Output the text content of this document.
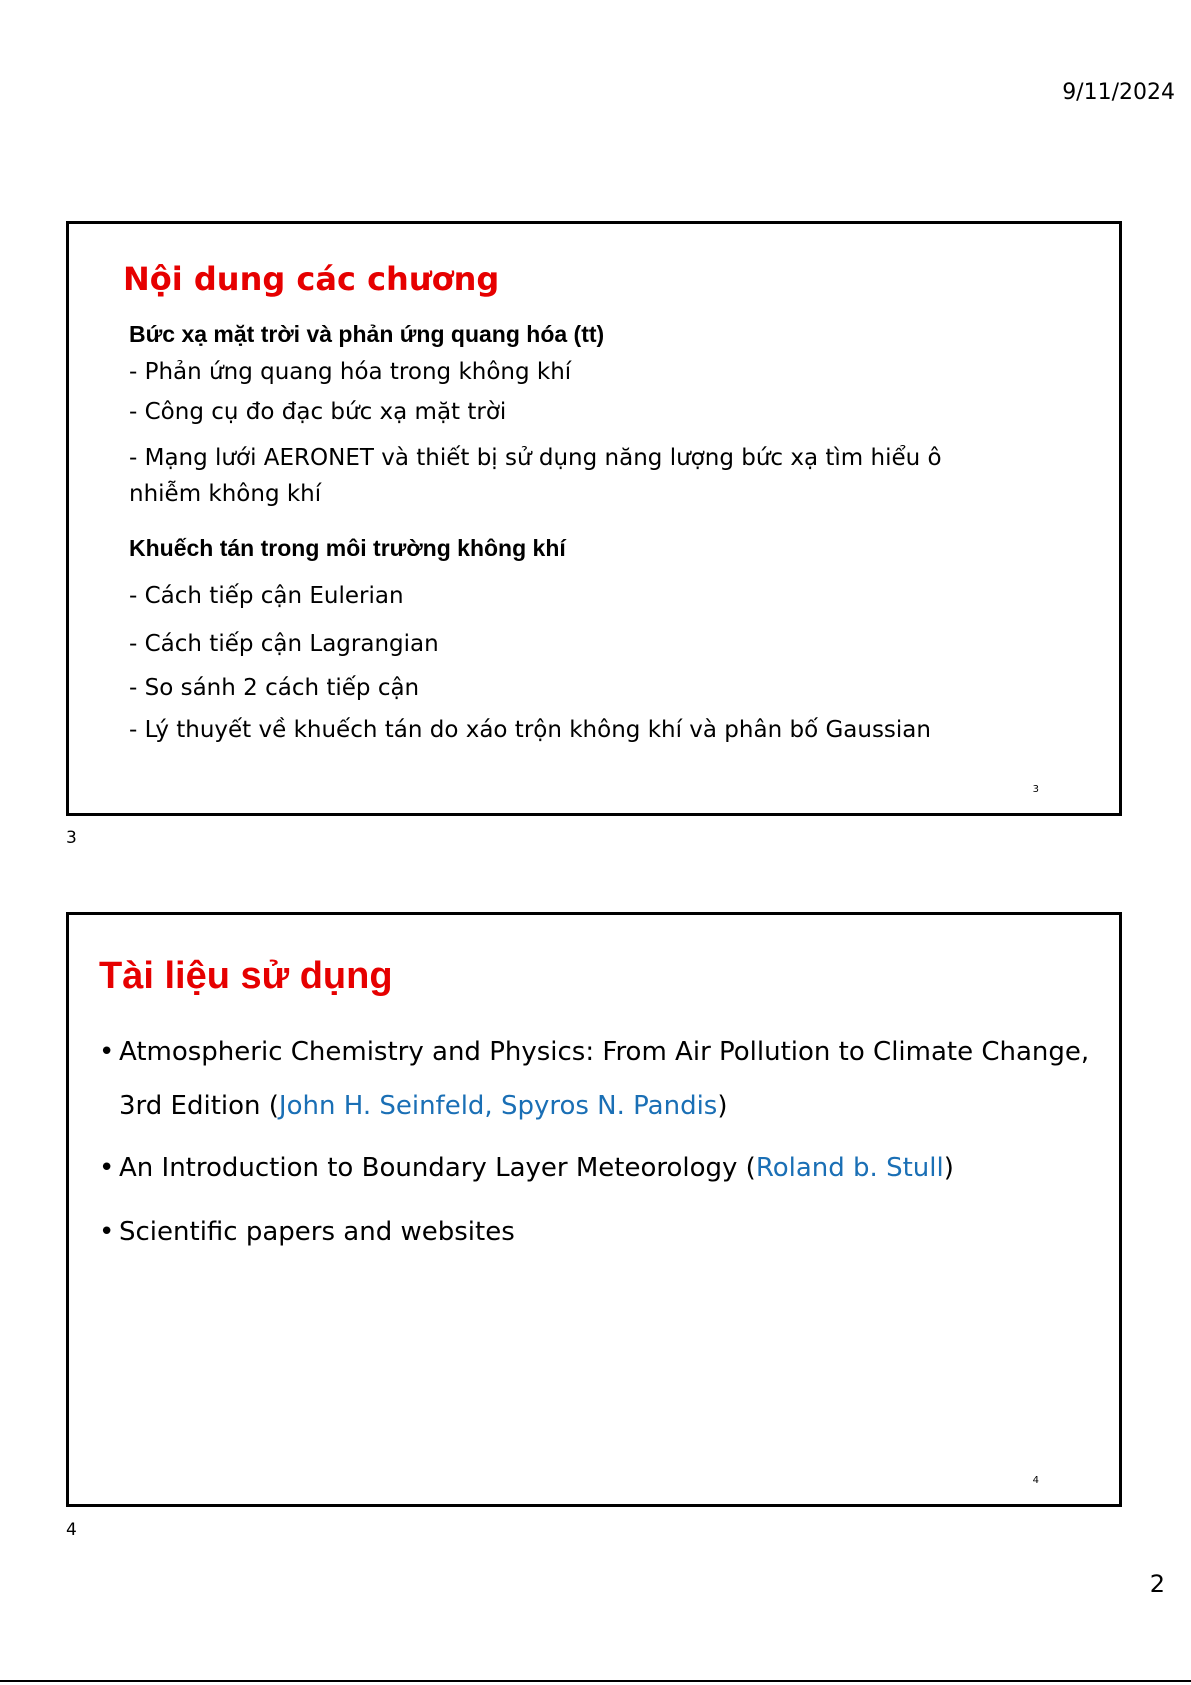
9/11/2024
Nội dung các chương
Bức xạ mặt trời và phản ứng quang hóa (tt)
- Phản ứng quang hóa trong không khí
- Công cụ đo đạc bức xạ mặt trời
- Mạng lưới AERONET và thiết bị sử dụng năng lượng bức xạ tìm hiểu ô nhiễm không khí
Khuếch tán trong môi trường không khí
- Cách tiếp cận Eulerian
- Cách tiếp cận Lagrangian
- So sánh 2 cách tiếp cận
- Lý thuyết về khuếch tán do xáo trộn không khí và phân bố Gaussian
3
3
Tài liệu sử dụng
• Atmospheric Chemistry and Physics: From Air Pollution to Climate Change,
3rd Edition (John H. Seinfeld, Spyros N. Pandis)
• An Introduction to Boundary Layer Meteorology (Roland b. Stull)
• Scientific papers and websites
4
4
2
